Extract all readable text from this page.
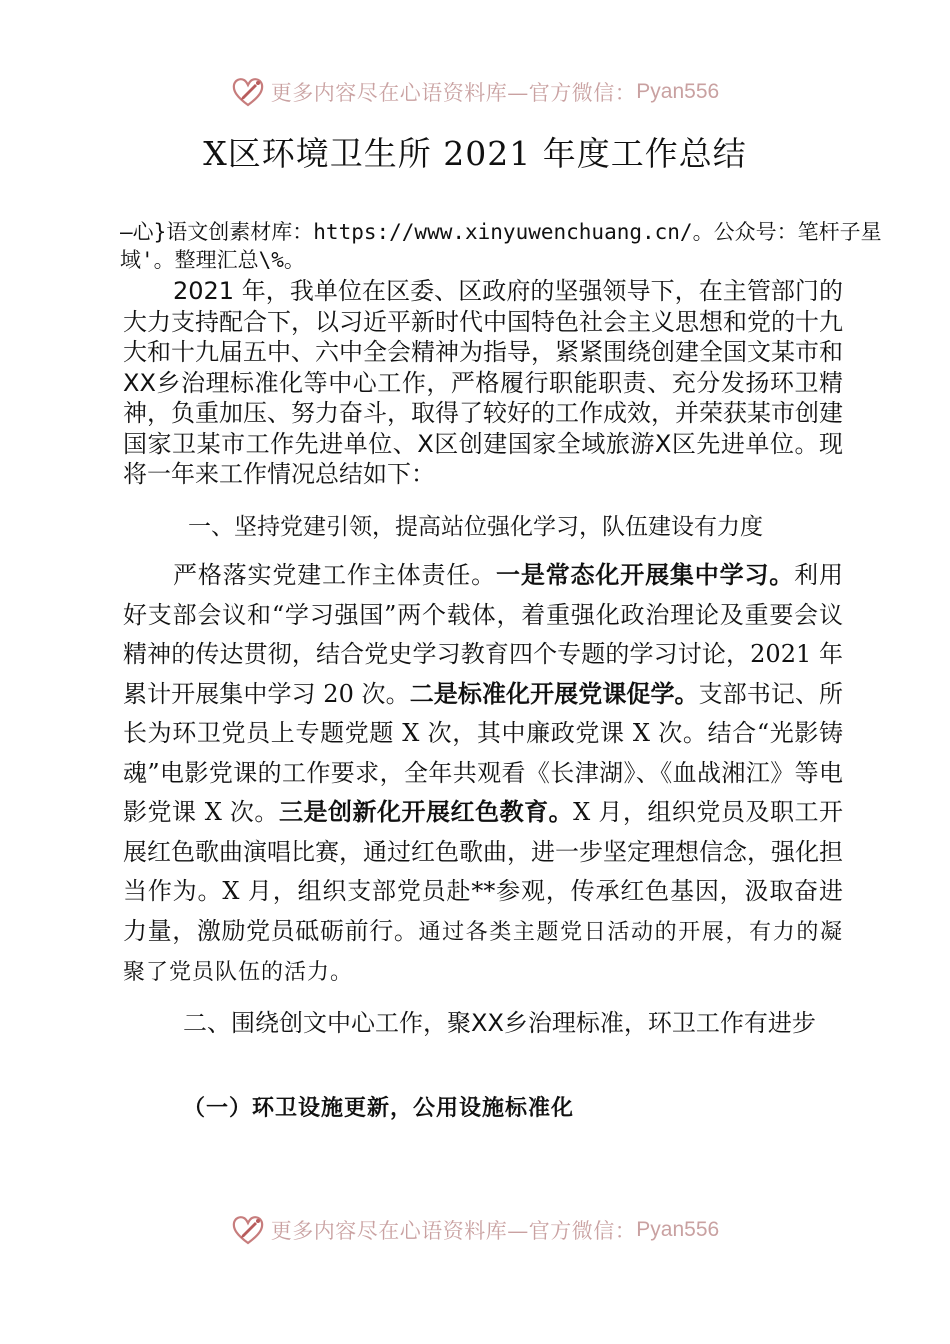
更多内容尽在心语资料库—官方微信： Pyan556
X区环境卫生所 2021 年度工作总结

—心}语文创素材库：https://www.xinyuwenchuang.cn/。公众号：笔杆子星域'。整理汇总\%。

2021 年，我单位在区委、区政府的坚强领导下，在主管部门的大力支持配合下，以习近平新时代中国特色社会主义思想和党的十九大和十九届五中、六中全会精神为指导，紧紧围绕创建全国文某市和XX乡治理标准化等中心工作，严格履行职能职责、充分发扬环卫精神，负重加压、努力奋斗，取得了较好的工作成效，并荣获某市创建国家卫某市工作先进单位、X区创建国家全域旅游X区先进单位。现将一年来工作情况总结如下：

一、坚持党建引领，提高站位强化学习，队伍建设有力度

严格落实党建工作主体责任。一是常态化开展集中学习。利用好支部会议和“学习强国”两个载体，着重强化政治理论及重要会议精神的传达贯彻，结合党史学习教育四个专题的学习讨论，2021 年累计开展集中学习 20 次。二是标准化开展党课促学。支部书记、所长为环卫党员上专题党题 X 次，其中廉政党课 X 次。结合“光影铸魂”电影党课的工作要求，全年共观看《长津湖》、《血战湘江》等电影党课 X 次。三是创新化开展红色教育。X 月，组织党员及职工开展红色歌曲演唱比赛，通过红色歌曲，进一步坚定理想信念，强化担当作为。X 月，组织支部党员赴**参观，传承红色基因，汲取奋进力量，激励党员砥砺前行。通过各类主题党日活动的开展，有力的凝聚了党员队伍的活力。

二、围绕创文中心工作，聚XX乡治理标准，环卫工作有进步
（一）环卫设施更新，公用设施标准化
更多内容尽在心语资料库—官方微信： Pyan556
